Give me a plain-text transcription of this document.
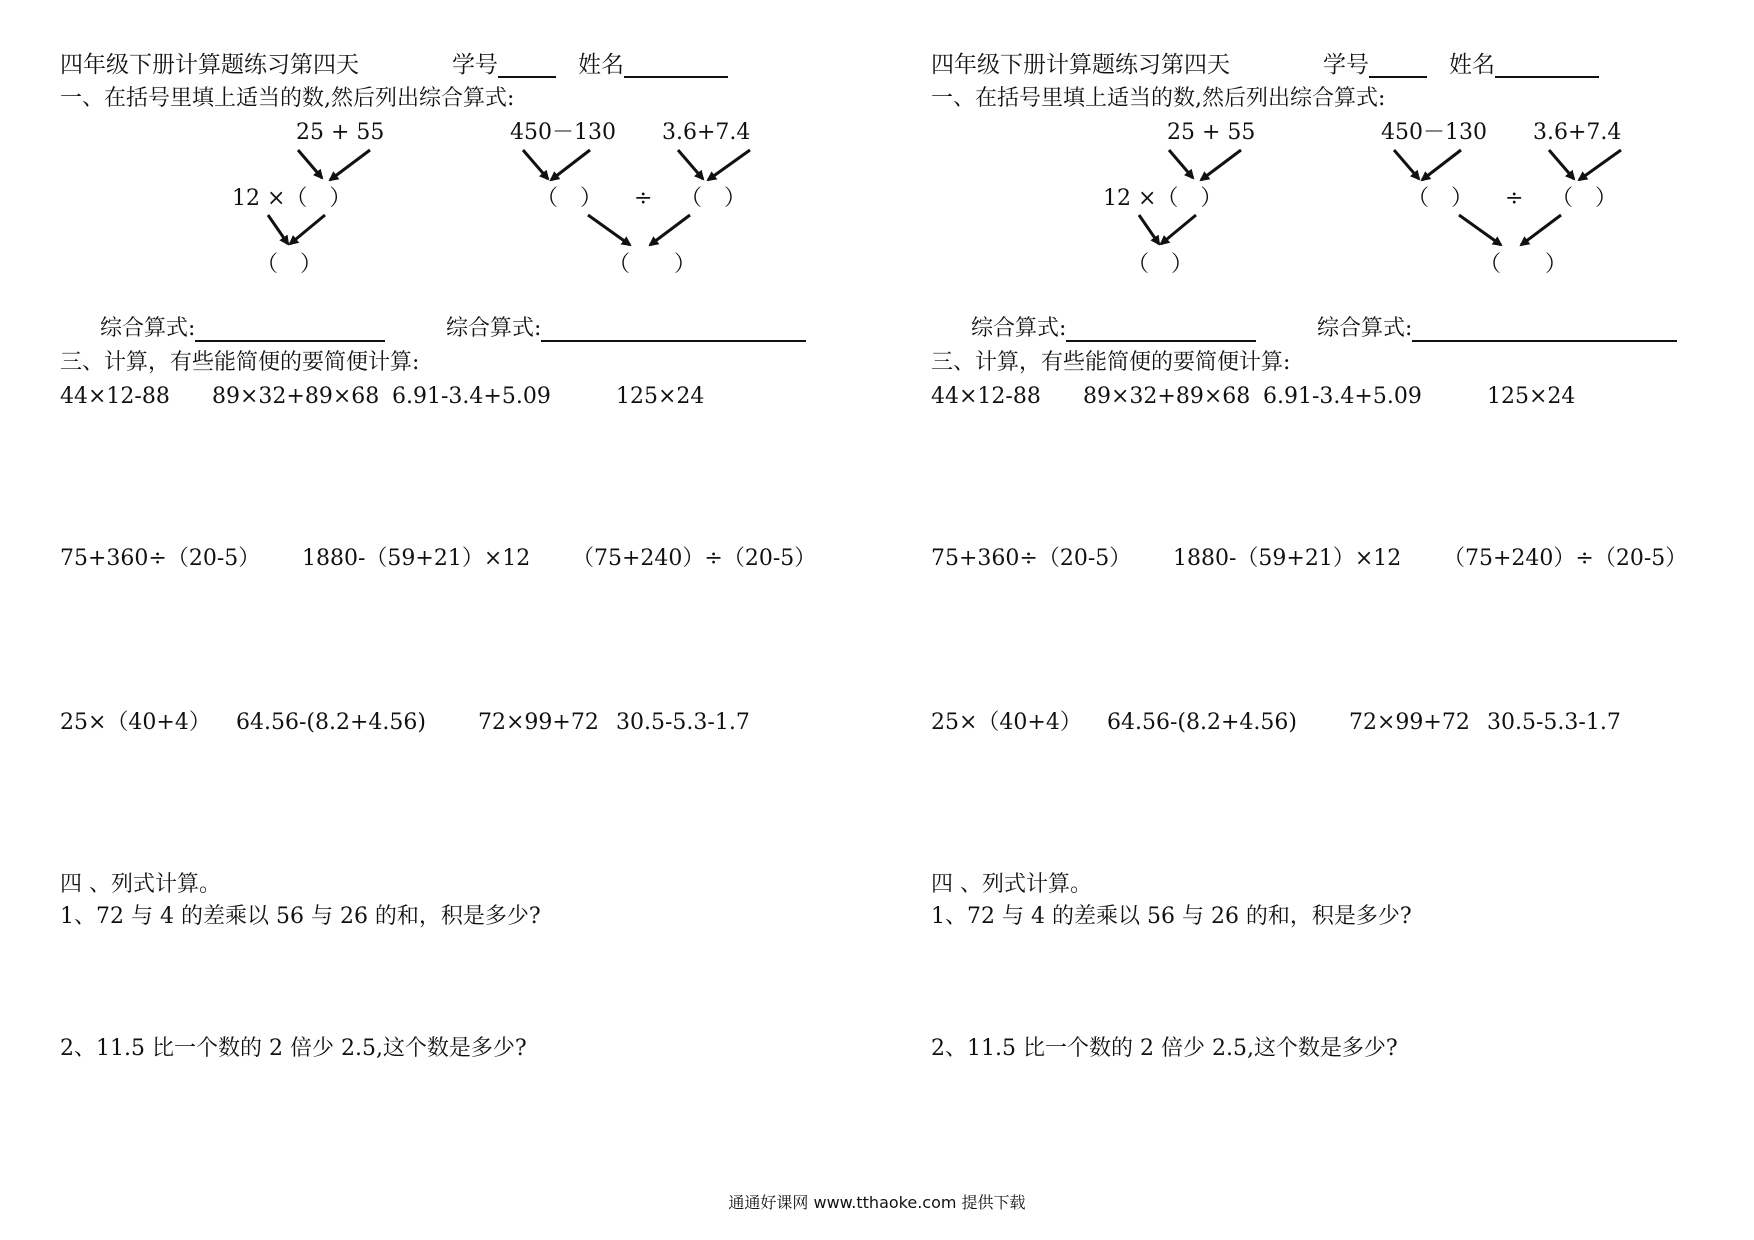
四年级下册计算题练习第四天	学号	姓名
一、在括号里填上适当的数,然后列出综合算式:
25 + 55
12 ×（　）
（　）
450－130 3.6+7.4
（　） ÷ （　）
（　　）
综合算式:	综合算式:
三、计算，有些能简便的要简便计算:
44×12-88 89×32+89×68 6.91-3.4+5.09	125×24
75+360÷（20-5） 1880-（59+21）×12 （75+240）÷（20-5）
25×（40+4） 64.56-(8.2+4.56) 72×99+72 30.5-5.3-1.7
四 、列式计算。
1、72 与 4 的差乘以 56 与 26 的和，积是多少?
2、11.5 比一个数的 2 倍少 2.5,这个数是多少?
四年级下册计算题练习第四天	学号	姓名
一、在括号里填上适当的数,然后列出综合算式:
25 + 55
12 ×（　）
（　）
450－130 3.6+7.4
（　） ÷ （　）
（　　）
综合算式:	综合算式:
三、计算，有些能简便的要简便计算:
44×12-88 89×32+89×68 6.91-3.4+5.09	125×24
75+360÷（20-5） 1880-（59+21）×12 （75+240）÷（20-5）
25×（40+4） 64.56-(8.2+4.56) 72×99+72 30.5-5.3-1.7
四 、列式计算。
1、72 与 4 的差乘以 56 与 26 的和，积是多少?
2、11.5 比一个数的 2 倍少 2.5,这个数是多少?
通通好课网 www.tthaoke.com 提供下载
